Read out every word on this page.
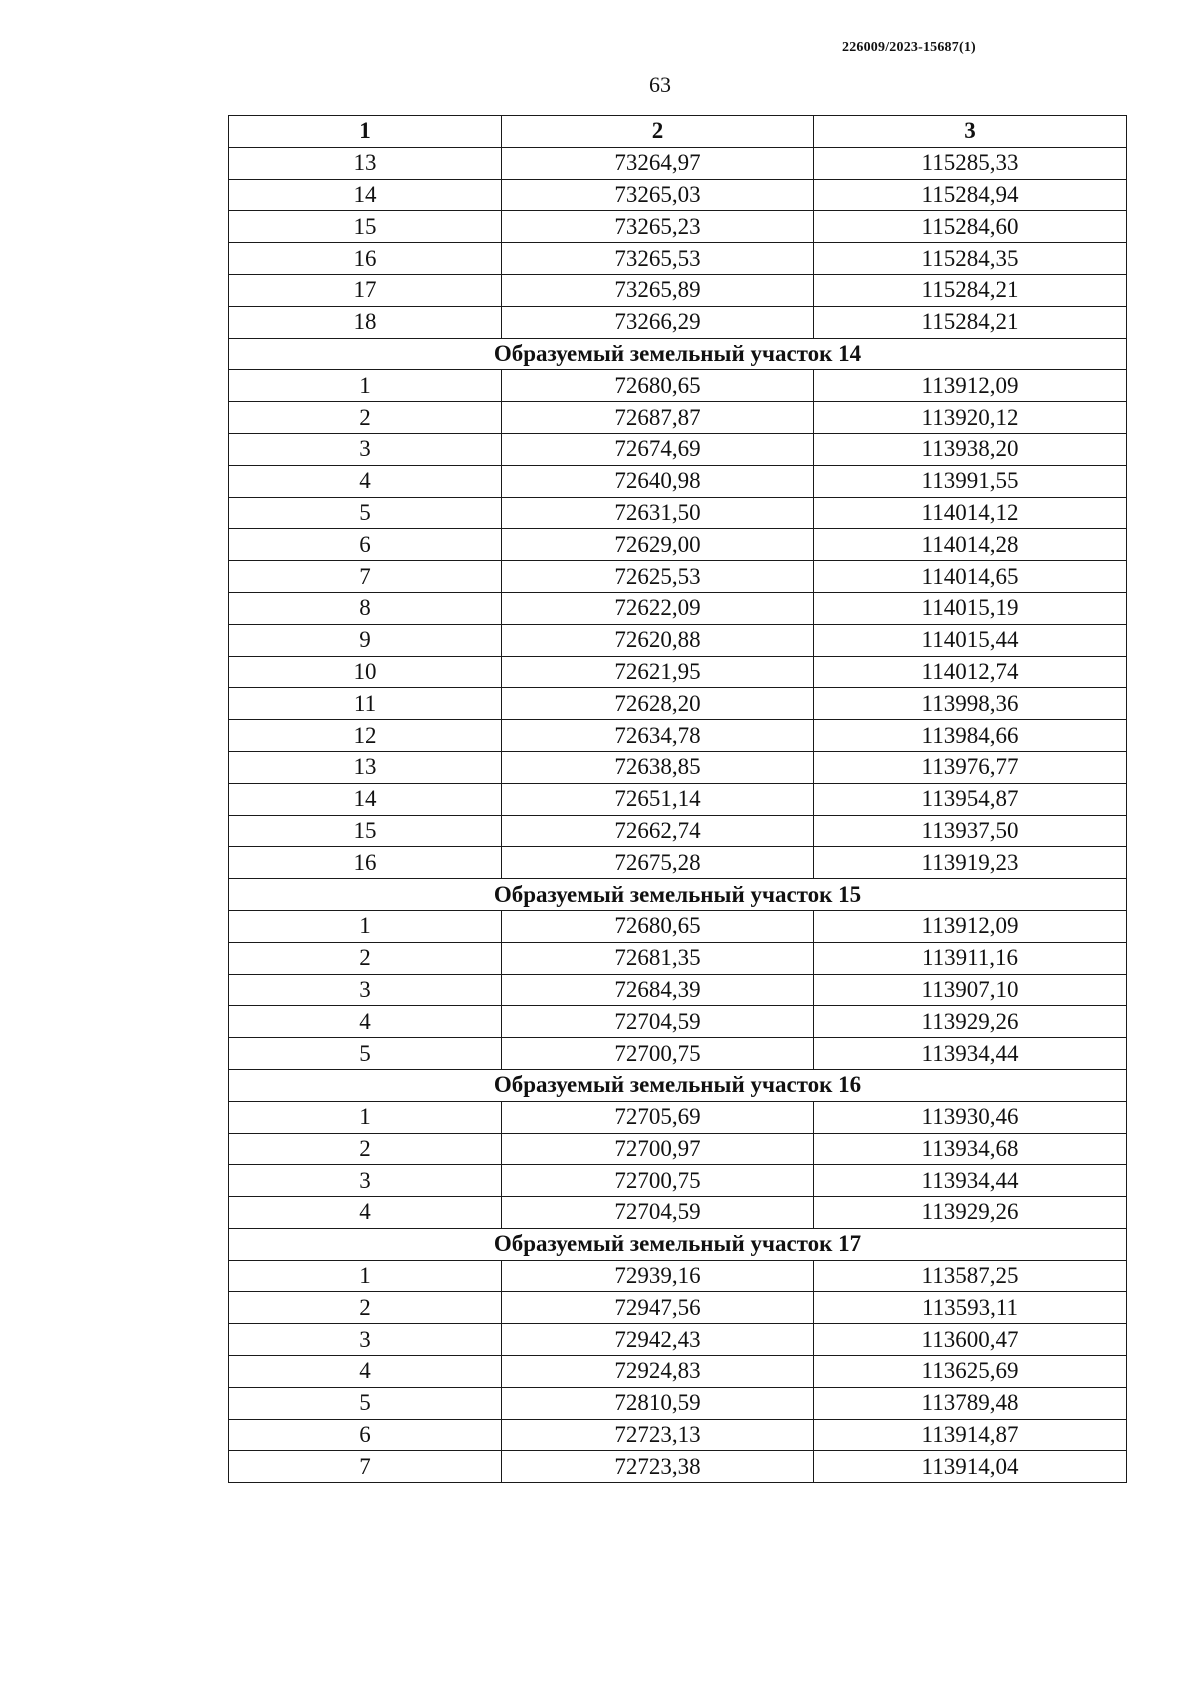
226009/2023-15687(1)
63
1	2	3
13	73264,97	115285,33
14	73265,03	115284,94
15	73265,23	115284,60
16	73265,53	115284,35
17	73265,89	115284,21
18	73266,29	115284,21
Образуемый земельный участок 14		
1	72680,65	113912,09
2	72687,87	113920,12
3	72674,69	113938,20
4	72640,98	113991,55
5	72631,50	114014,12
6	72629,00	114014,28
7	72625,53	114014,65
8	72622,09	114015,19
9	72620,88	114015,44
10	72621,95	114012,74
11	72628,20	113998,36
12	72634,78	113984,66
13	72638,85	113976,77
14	72651,14	113954,87
15	72662,74	113937,50
16	72675,28	113919,23
Образуемый земельный участок 15		
1	72680,65	113912,09
2	72681,35	113911,16
3	72684,39	113907,10
4	72704,59	113929,26
5	72700,75	113934,44
Образуемый земельный участок 16		
1	72705,69	113930,46
2	72700,97	113934,68
3	72700,75	113934,44
4	72704,59	113929,26
Образуемый земельный участок 17		
1	72939,16	113587,25
2	72947,56	113593,11
3	72942,43	113600,47
4	72924,83	113625,69
5	72810,59	113789,48
6	72723,13	113914,87
7	72723,38	113914,04
